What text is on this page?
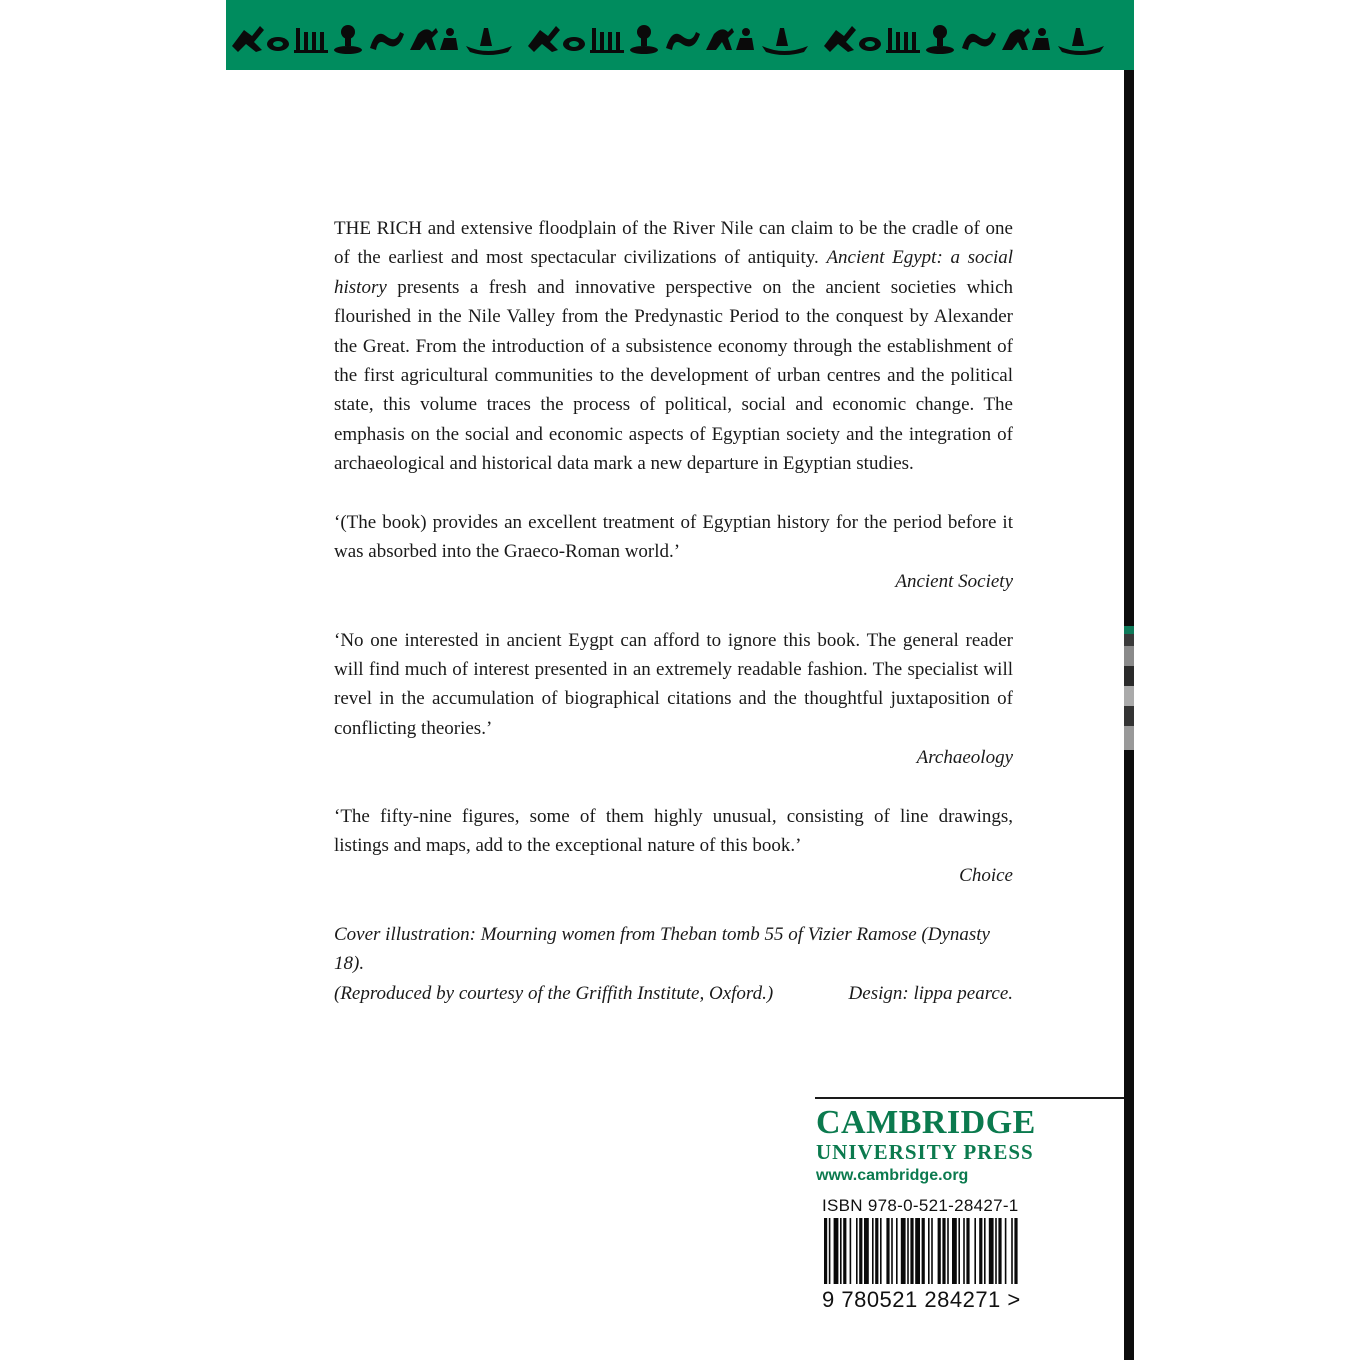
THE RICH and extensive floodplain of the River Nile can claim to be the cradle of one of the earliest and most spectacular civilizations of antiquity. Ancient Egypt: a social history presents a fresh and innovative perspective on the ancient societies which flourished in the Nile Valley from the Predynastic Period to the conquest by Alexander the Great. From the introduction of a subsistence economy through the establishment of the first agricultural communities to the development of urban centres and the political state, this volume traces the process of political, social and economic change. The emphasis on the social and economic aspects of Egyptian society and the integration of archaeological and historical data mark a new departure in Egyptian studies.

‘(The book) provides an excellent treatment of Egyptian history for the period before it was absorbed into the Graeco-Roman world.’
Ancient Society
‘No one interested in ancient Eygpt can afford to ignore this book. The general reader will find much of interest presented in an extremely readable fashion. The specialist will revel in the accumulation of biographical citations and the thoughtful juxtaposition of conflicting theories.’
Archaeology
‘The fifty-nine figures, some of them highly unusual, consisting of line drawings, listings and maps, add to the exceptional nature of this book.’
Choice

Cover illustration: Mourning women from Theban tomb 55 of Vizier Ramose (Dynasty 18).

(Reproduced by courtesy of the Griffith Institute, Oxford.)	Design: lippa pearce.
CAMBRIDGE
UNIVERSITY PRESS
www.cambridge.org
ISBN 978-0-521-28427-1
9 780521 284271 >
